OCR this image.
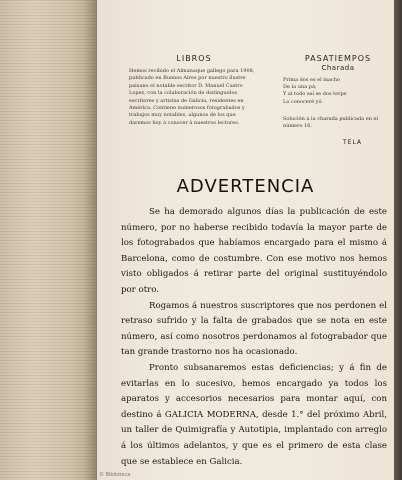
LIBROS
Hemos recibido el Almanaque gallego para 1908, publicado en Buenos Aires por nuestro ilustre paisano el notable escritor D. Manuel Castro Lopez, con la colaboración de distinguidos escritores y artistas de Galicia, residentes en América. Contiene numerosos fotograbados y trabajos muy notables, algunos de los que daremos hoy á conocer á nuestros lectores.
PASATIEMPOS
Charada

Prima dos es el macho

De la una pá;

Y al todo así se dos terpe

Lo conoceré yó.

Solución á la charada publicada en el número 16.
TELA
ADVERTENCIA

Se ha demorado algunos días la publicación de este número, por no haberse recibido todavía la mayor parte de los fotograbados que habíamos encargado para el mismo á Barcelona, como de costumbre. Con ese motivo nos hemos visto obligados á retirar parte del original sustituyéndolo por otro.

Rogamos á nuestros suscriptores que nos perdonen el retraso sufrido y la falta de grabados que se nota en este número, así como nosotros perdonamos al fotograbador que tan grande trastorno nos ha ocasionado.

Pronto subsanaremos estas deficiencias; y á fin de evitarlas en lo sucesivo, hemos encargado ya todos los aparatos y accesorios necesarios para montar aquí, con destino á GALICIA MODERNA, desde 1.° del próximo Abril, un taller de Quimigrafía y Autotipia, implantado con arreglo á los últimos adelantos, y que es el primero de esta clase que se establece en Galicia.

© Biblioteca
